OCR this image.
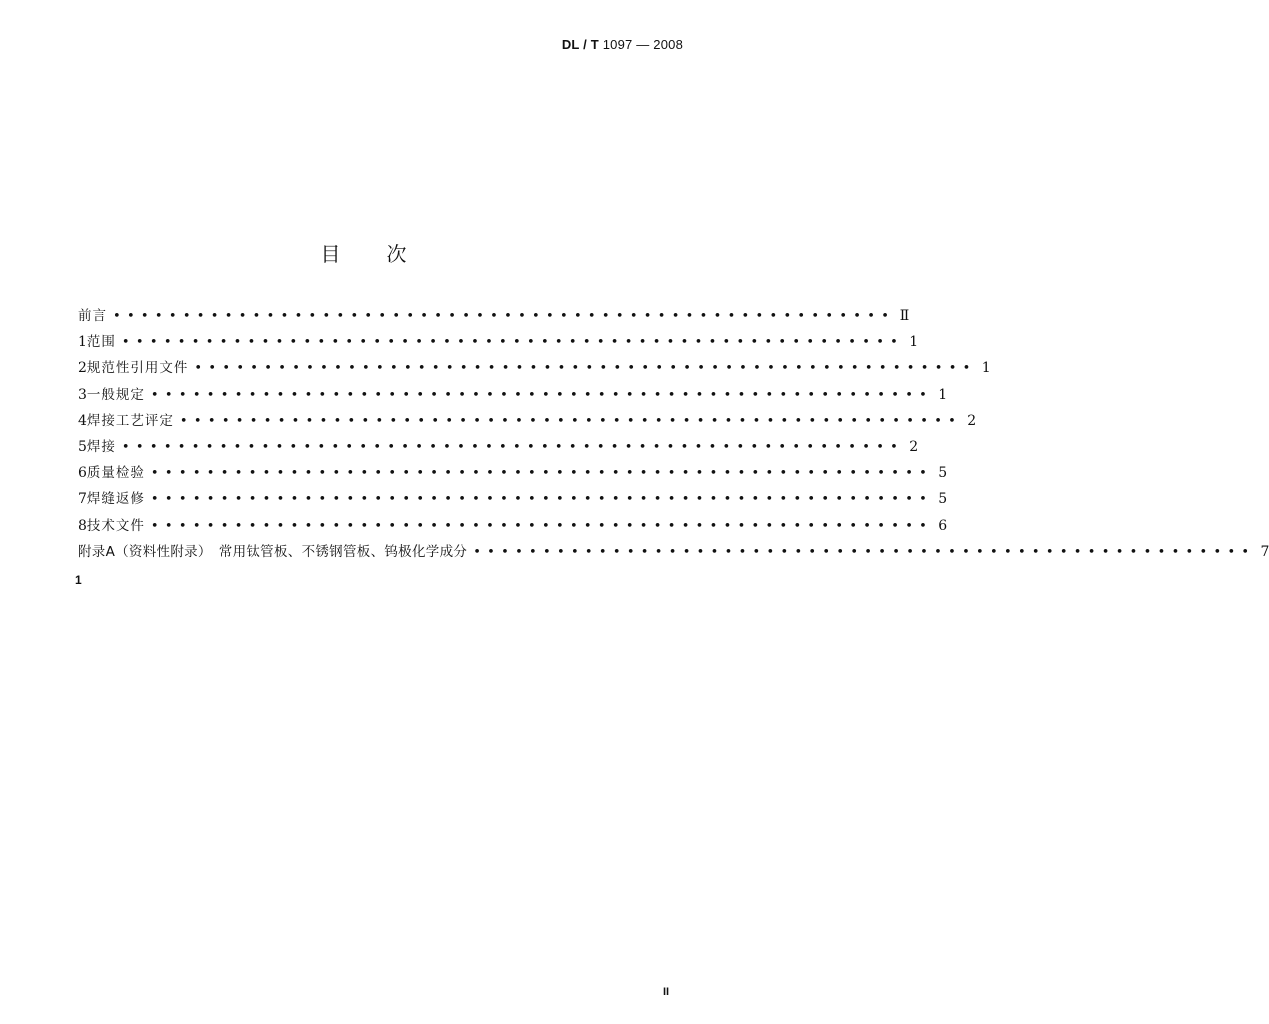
DL / T 1097 — 2008
目次
前言 •••••••••••••••••••••••••••••••••••••••••••••••••••••••• Ⅱ
1 范围 •••••••••••••••••••••••••••••••••••••••••••••••••••••••• 1
2 规范性引用文件 •••••••••••••••••••••••••••••••••••••••••••••••••••••••• 1
3 一般规定 •••••••••••••••••••••••••••••••••••••••••••••••••••••••• 1
4 焊接工艺评定 •••••••••••••••••••••••••••••••••••••••••••••••••••••••• 2
5 焊接 •••••••••••••••••••••••••••••••••••••••••••••••••••••••• 2
6 质量检验 •••••••••••••••••••••••••••••••••••••••••••••••••••••••• 5
7 焊缝返修 •••••••••••••••••••••••••••••••••••••••••••••••••••••••• 5
8 技术文件 •••••••••••••••••••••••••••••••••••••••••••••••••••••••• 6
附录A（资料性附录）　常用钛管板、不锈钢管板、钨极化学成分 •••••••••••••••••••••••••••••••••••••••••••••••••••••••• 7
1
II
